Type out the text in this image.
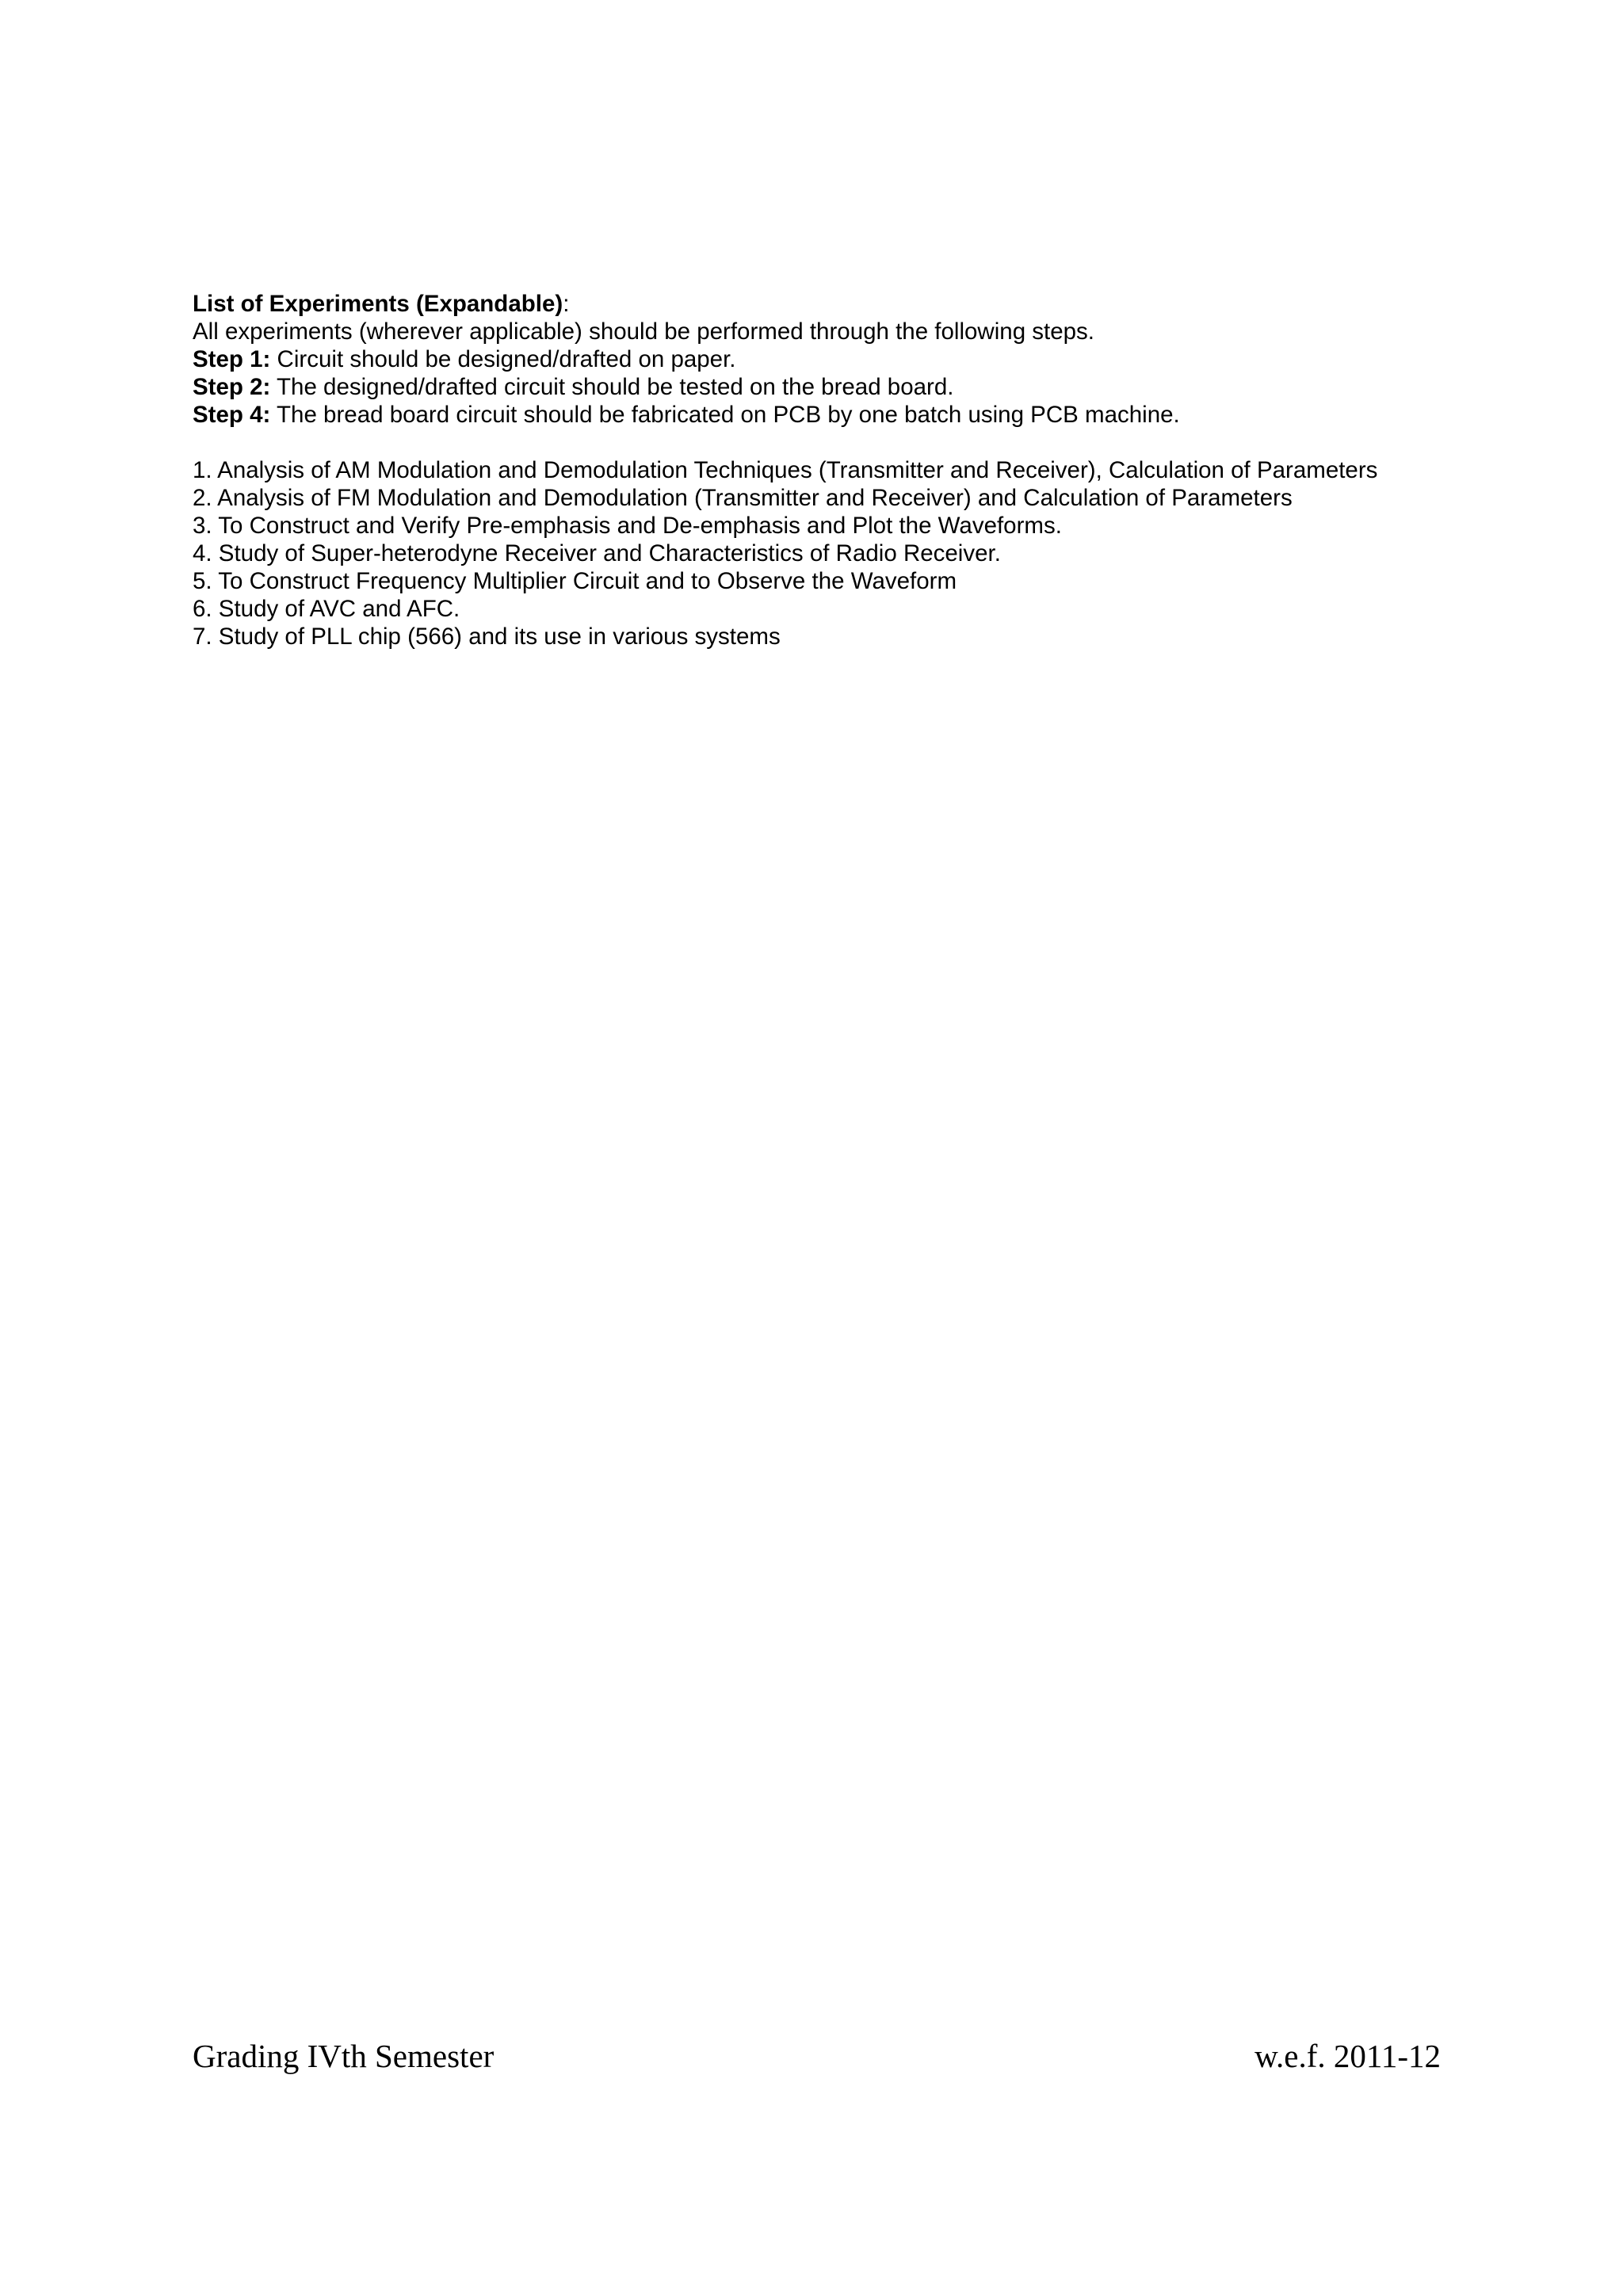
List of Experiments (Expandable):
All experiments (wherever applicable) should be performed through the following steps.
Step 1: Circuit should be designed/drafted on paper.
Step 2: The designed/drafted circuit should be tested on the bread board.
Step 4: The bread board circuit should be fabricated on PCB by one batch using PCB machine.
1. Analysis of AM Modulation and Demodulation Techniques (Transmitter and Receiver), Calculation of Parameters
2. Analysis of FM Modulation and Demodulation (Transmitter and Receiver) and Calculation of Parameters
3. To Construct and Verify Pre-emphasis and De-emphasis and Plot the Waveforms.
4. Study of Super-heterodyne Receiver and Characteristics of Radio Receiver.
5. To Construct Frequency Multiplier Circuit and to Observe the Waveform
6. Study of AVC and AFC.
7. Study of PLL chip (566) and its use in various systems
Grading IVth Semester	w.e.f. 2011-12
